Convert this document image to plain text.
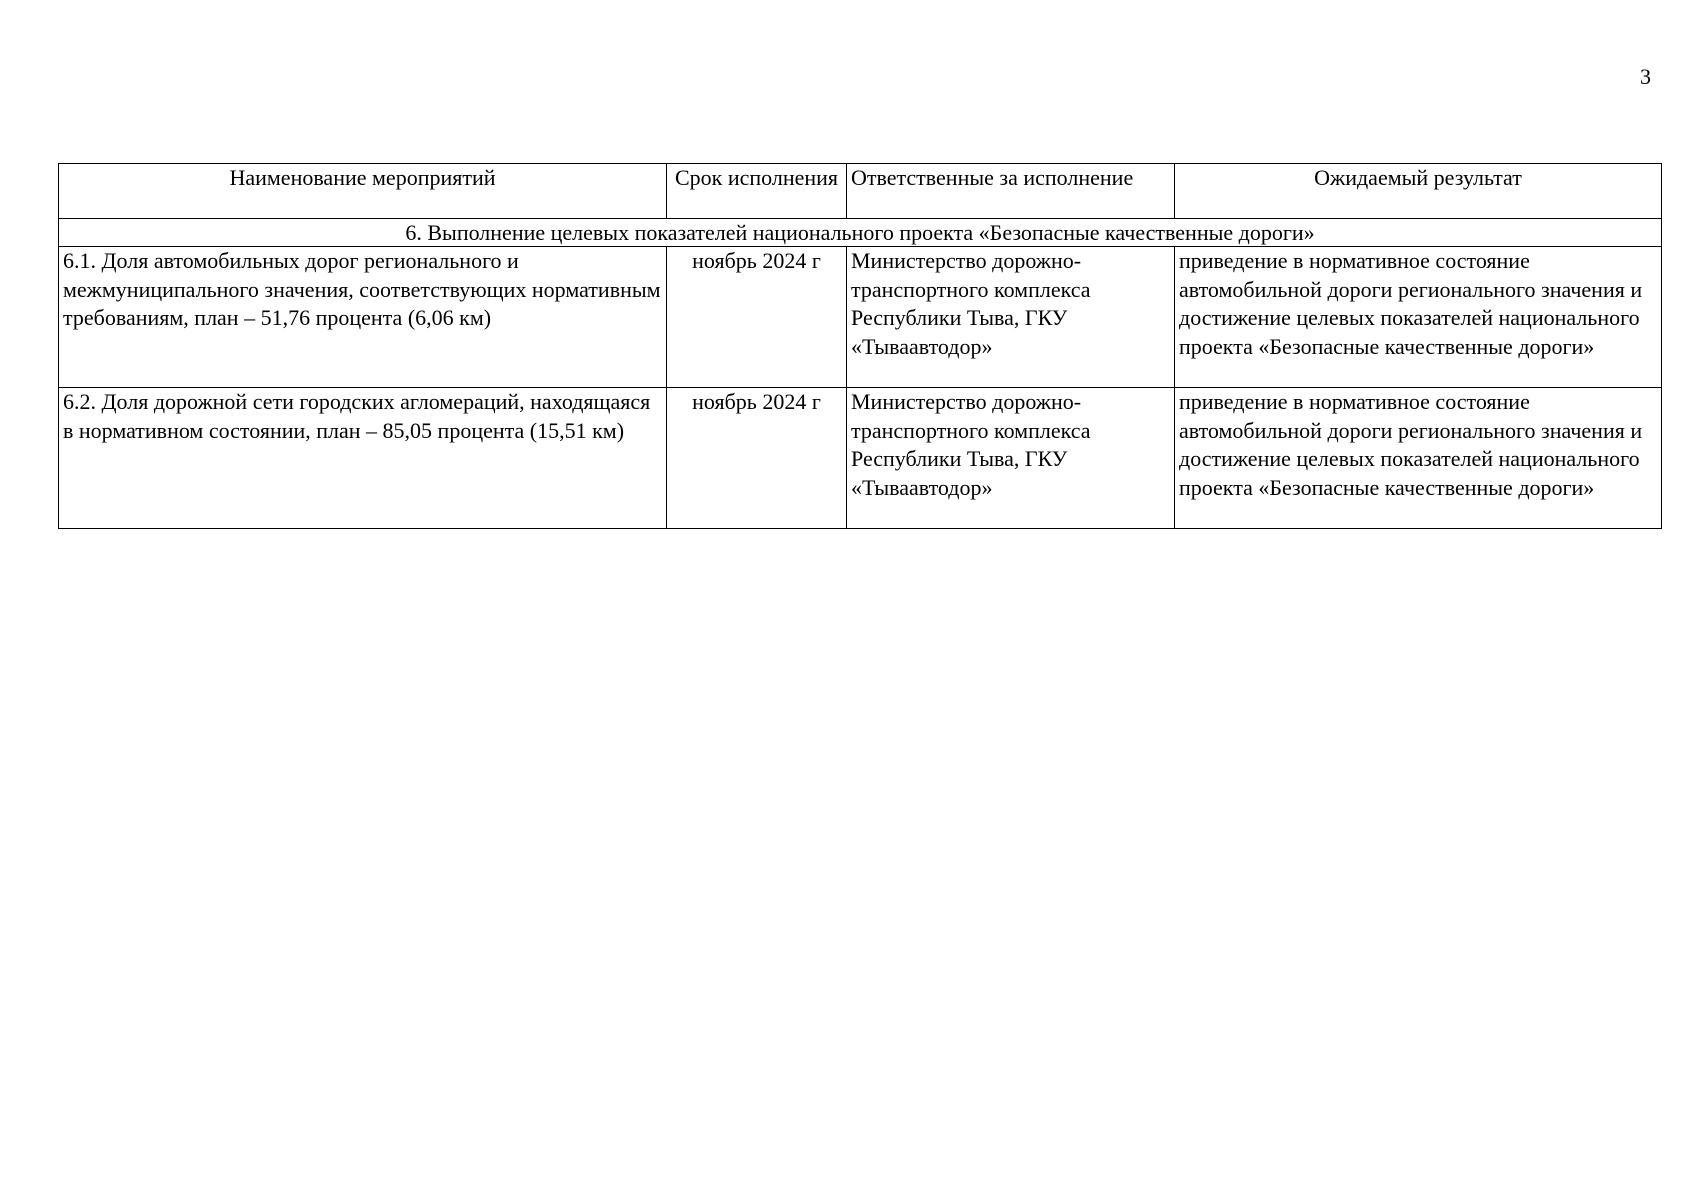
3
Наименование мероприятий	Срок исполнения	Ответственные за исполнение	Ожидаемый результат
6. Выполнение целевых показателей национального проекта «Безопасные качественные дороги»			
6.1. Доля автомобильных дорог регионального и межмуниципального значения, соответствующих нормативным требованиям, план – 51,76 процента (6,06 км)	ноябрь 2024 г	Министерство дорожно-транспортного комплекса Республики Тыва, ГКУ «Тываавтодор»	приведение в нормативное состояние автомобильной дороги регионального значения и достижение целевых показателей национального проекта «Безопасные качественные дороги»
6.2. Доля дорожной сети городских агломераций, находящаяся в нормативном состоянии, план – 85,05 процента (15,51 км)	ноябрь 2024 г	Министерство дорожно-транспортного комплекса Республики Тыва, ГКУ «Тываавтодор»	приведение в нормативное состояние автомобильной дороги регионального значения и достижение целевых показателей национального проекта «Безопасные качественные дороги»
